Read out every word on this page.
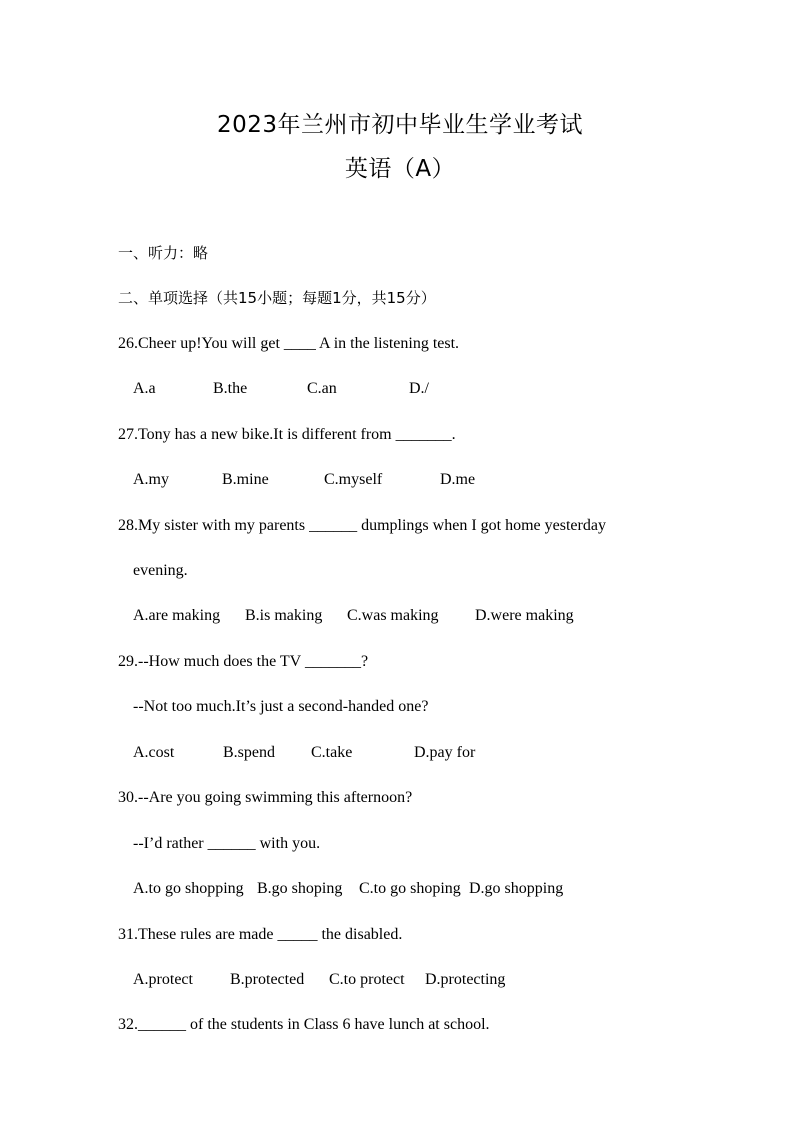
2023年兰州市初中毕业生学业考试
英语（A）
一、听力：略
二、单项选择（共15小题；每题1分，共15分）
26.Cheer up!You will get ____ A in the listening test.
A.a	B.the	C.an	D./
27.Tony has a new bike.It is different from _______.
A.my	B.mine	C.myself	D.me
28.My sister with my parents ______ dumplings when I got home yesterday
evening.
A.are making B.is making C.was making D.were making
29.--How much does the TV _______?
--Not too much.It’s just a second-handed one?
A.cost	B.spend C.take	D.pay for
30.--Are you going swimming this afternoon?
--I’d rather ______ with you.
A.to go shopping B.go shoping C.to go shoping D.go shopping
31.These rules are made _____ the disabled.
A.protect B.protected C.to protect D.protecting
32.______ of the students in Class 6 have lunch at school.
